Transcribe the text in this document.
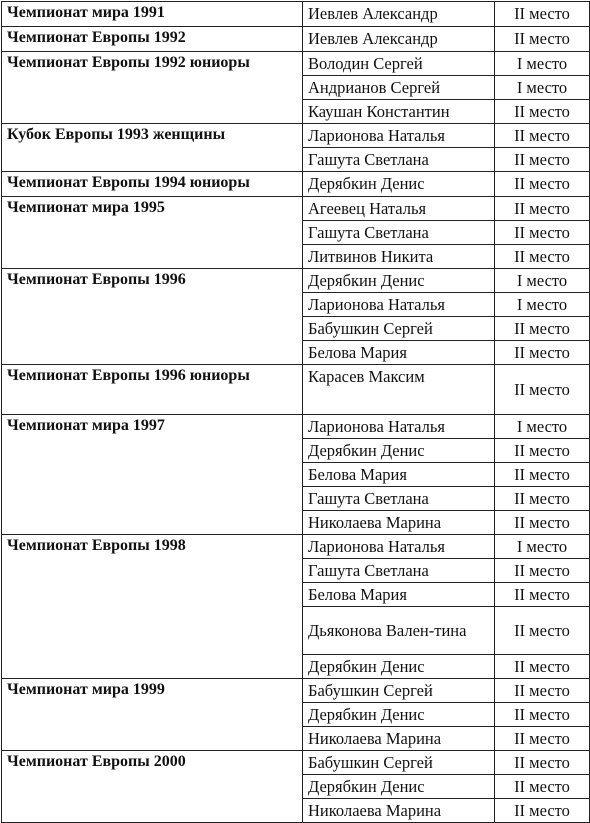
Чемпионат мира 1991	Иевлев Александр	II место
Чемпионат Европы 1992	Иевлев Александр	II место
Чемпионат Европы 1992 юниоры	Володин Сергей	I место
	Андрианов Сергей	I место
	Каушан Константин	II место
Кубок Европы 1993 женщины	Ларионова Наталья	II место
	Гашута Светлана	II место
Чемпионат Европы 1994 юниоры	Дерябкин Денис	II место
Чемпионат мира 1995	Агеевец Наталья	II место
	Гашута Светлана	II место
	Литвинов Никита	II место
Чемпионат Европы 1996	Дерябкин Денис	I место
	Ларионова Наталья	I место
	Бабушкин Сергей	II место
	Белова Мария	II место
Чемпионат Европы 1996 юниоры	Карасев Максим	II место
Чемпионат мира 1997	Ларионова Наталья	I место
	Дерябкин Денис	II место
	Белова Мария	II место
	Гашута Светлана	II место
	Николаева Марина	II место
Чемпионат Европы 1998	Ларионова Наталья	I место
	Гашута Светлана	II место
	Белова Мария	II место
	Дьяконова Вален-тина	II место
	Дерябкин Денис	II место
Чемпионат мира 1999	Бабушкин Сергей	II место
	Дерябкин Денис	II место
	Николаева Марина	II место
Чемпионат Европы 2000	Бабушкин Сергей	II место
	Дерябкин Денис	II место
	Николаева Марина	II место
